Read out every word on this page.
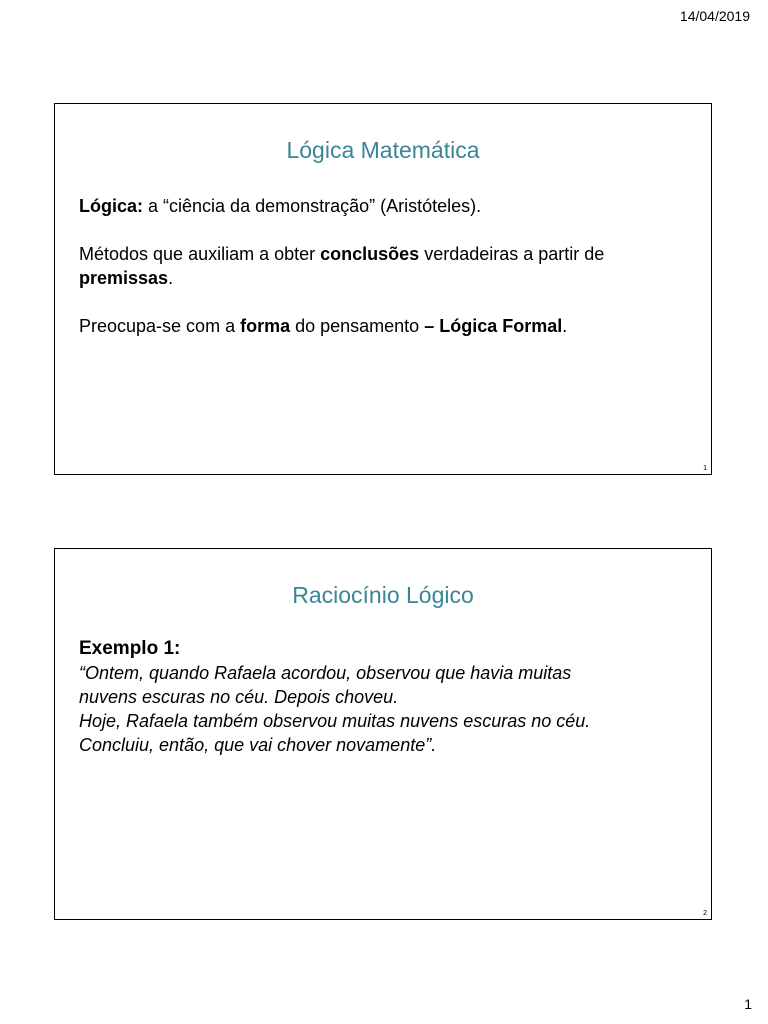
14/04/2019
Lógica Matemática

Lógica: a “ciência da demonstração” (Aristóteles).

Métodos que auxiliam a obter conclusões verdadeiras a partir de premissas.

Preocupa-se com a forma do pensamento – Lógica Formal.

1
Raciocínio Lógico

Exemplo 1:

“Ontem, quando Rafaela acordou, observou que havia muitas

nuvens escuras no céu. Depois choveu.

Hoje, Rafaela também observou muitas nuvens escuras no céu.

Concluiu, então, que vai chover novamente”.

2
1
